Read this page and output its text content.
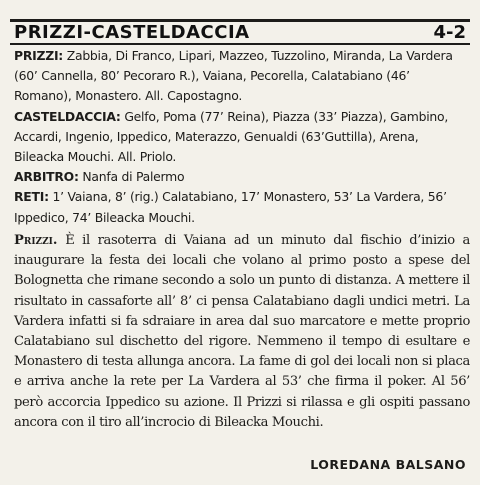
PRIZZI-CASTELDACCIA	4-2

PRIZZI: Zabbia, Di Franco, Lipari, Mazzeo, Tuzzolino, Miranda, La Vardera (60’ Cannella, 80’ Pecoraro R.), Vaiana, Pecorella, Calatabiano (46’ Romano), Monastero. All. Capostagno.

CASTELDACCIA: Gelfo, Poma (77’ Reina), Piazza (33’ Piazza), Gambino, Accardi, Ingenio, Ippedico, Materazzo, Genualdi (63’Guttilla), Arena, Bileacka Mouchi. All. Priolo.

ARBITRO: Nanfa di Palermo

RETI: 1’ Vaiana, 8’ (rig.) Calatabiano, 17’ Monastero, 53’ La Vardera, 56’ Ippedico, 74’ Bileacka Mouchi.

Prizzi. È il rasoterra di Vaiana ad un minuto dal fischio d’inizio a inaugurare la festa dei locali che volano al primo posto a spese del Bolognetta che rimane secondo a solo un punto di distanza. A mettere il risultato in cassaforte all’ 8’ ci pensa Calatabiano dagli undici metri. La Vardera infatti si fa sdraiare in area dal suo marcatore e mette proprio Calatabiano sul dischetto del rigore. Nemmeno il tempo di esultare e Monastero di testa allunga ancora. La fame di gol dei locali non si placa e arriva anche la rete per La Vardera al 53’ che firma il poker. Al 56’ però accorcia Ippedico su azione. Il Prizzi si rilassa e gli ospiti passano ancora con il tiro all’incrocio di Bileacka Mouchi.

LOREDANA BALSANO
